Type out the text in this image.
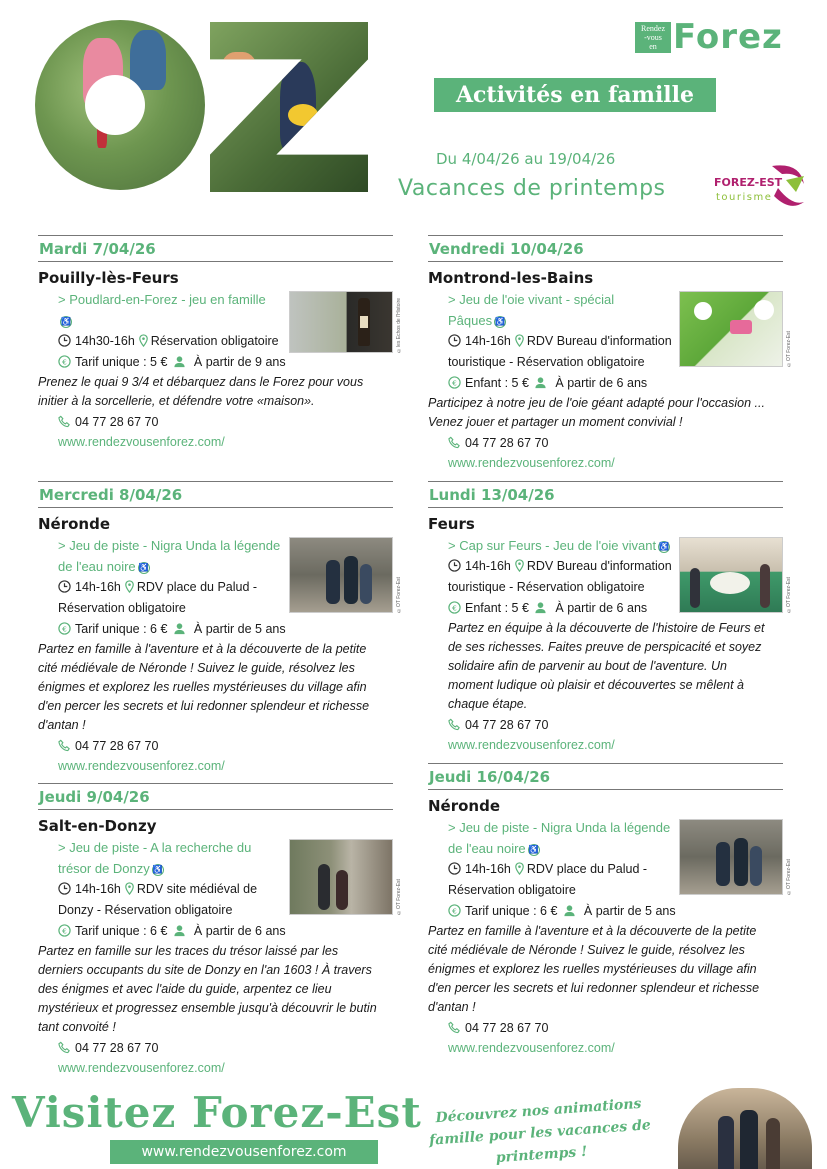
Rendez
-vous
en Forez
Activités en famille
Du 4/04/26 au 19/04/26
Vacances de printemps	FOREZ-EST
tourisme
Mardi 7/04/26
Pouilly-lès-Feurs
©les Echos de l'Histoire
> Poudlard-en-Forez - jeu en famille♿
14h30-16h Réservation obligatoire
€ Tarif unique : 5 € À partir de 9 ans
Prenez le quai 9 3/4 et débarquez dans le Forez pour vous initier à la sorcellerie, et défendre votre «maison».
04 77 28 67 70
www.rendezvousenforez.com/
Mercredi 8/04/26
Néronde
©OT Forez-Est
> Jeu de piste - Nigra Unda la légende de l'eau noire ♿
14h-16h RDV place du Palud - Réservation obligatoire
€ Tarif unique : 6 € À partir de 5 ans
Partez en famille à l'aventure et à la découverte de la petite cité médiévale de Néronde ! Suivez le guide, résolvez les énigmes et explorez les ruelles mystérieuses du village afin d'en percer les secrets et lui redonner splendeur et richesse d'antan !
04 77 28 67 70
www.rendezvousenforez.com/
Jeudi 9/04/26
Salt-en-Donzy
©OT Forez-Est
> Jeu de piste - A la recherche du trésor de Donzy ♿
14h-16h RDV site médiéval de Donzy - Réservation obligatoire
€ Tarif unique : 6 € À partir de 6 ans
Partez en famille sur les traces du trésor laissé par les derniers occupants du site de Donzy en l'an 1603 ! À travers des énigmes et avec l'aide du guide, arpentez ce lieu mystérieux et progressez ensemble jusqu'à découvrir le butin tant convoité !
04 77 28 67 70
www.rendezvousenforez.com/
Vendredi 10/04/26
Montrond-les-Bains
©OT Forez-Est
> Jeu de l'oie vivant - spécial Pâques ♿
14h-16h RDV Bureau d'information touristique - Réservation obligatoire
€ Enfant : 5 € À partir de 6 ans
Participez à notre jeu de l'oie géant adapté pour l'occasion ... Venez jouer et partager un moment convivial !
04 77 28 67 70
www.rendezvousenforez.com/
Lundi 13/04/26
Feurs
©OT Forez-Est
> Cap sur Feurs - Jeu de l'oie vivant ♿
14h-16h RDV Bureau d'information touristique - Réservation obligatoire
€ Enfant : 5 € À partir de 6 ans
Partez en équipe à la découverte de l'histoire de Feurs et de ses richesses. Faites preuve de perspicacité et soyez solidaire afin de parvenir au bout de l'aventure. Un moment ludique où plaisir et découvertes se mêlent à chaque étape.
04 77 28 67 70
www.rendezvousenforez.com/
Jeudi 16/04/26
Néronde
©OT Forez-Est
> Jeu de piste - Nigra Unda la légende de l'eau noire ♿
14h-16h RDV place du Palud - Réservation obligatoire
€ Tarif unique : 6 € À partir de 5 ans
Partez en famille à l'aventure et à la découverte de la petite cité médiévale de Néronde ! Suivez le guide, résolvez les énigmes et explorez les ruelles mystérieuses du village afin d'en percer les secrets et lui redonner splendeur et richesse d'antan !
04 77 28 67 70
www.rendezvousenforez.com/
Visitez Forez-Est
www.rendezvousenforez.com
Découvrez nos animations famille pour les vacances de printemps !
